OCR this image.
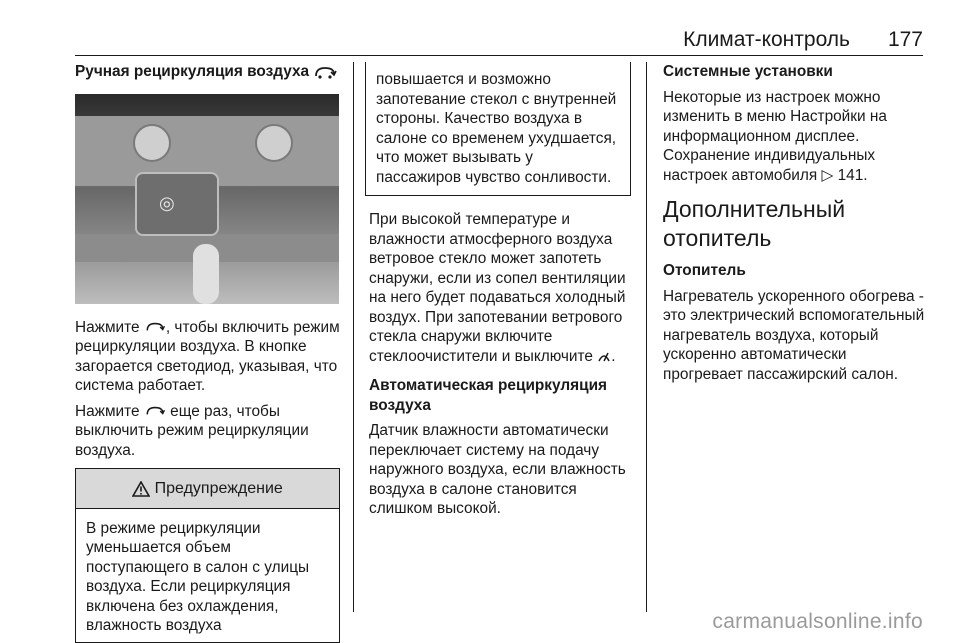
Климат-контроль 177
Ручная рециркуляция воздуха
◎

Нажмите , чтобы включить режим рециркуляции воздуха. В кнопке загорается светодиод, указывая, что система работает.

Нажмите  еще раз, чтобы выключить режим рециркуляции воздуха.

Предупреждение
В режиме рециркуляции уменьшается объем поступающего в салон с улицы воздуха. Если рециркуляция включена без охлаждения, влажность воздуха
повышается и возможно запотевание стекол с внутренней стороны. Качество воздуха в салоне со временем ухудшается, что может вызывать у пассажиров чувство сонливости.

При высокой температуре и влажности атмосферного воздуха ветровое стекло может запотеть снаружи, если из сопел вентиляции на него будет подаваться холодный воздух. При запотевании ветрового стекла снаружи включите стеклоочистители и выключите .

Автоматическая рециркуляция воздуха

Датчик влажности автоматически переключает систему на подачу наружного воздуха, если влажность воздуха в салоне становится слишком высокой.

Системные установки

Некоторые из настроек можно изменить в меню Настройки на информационном дисплее. Сохранение индивидуальных настроек автомобиля ▷ 141.

Дополнительный отопитель
Отопитель

Нагреватель ускоренного обогрева - это электрический вспомогательный нагреватель воздуха, который ускоренно автоматически прогревает пассажирский салон.

carmanualsonline.info
